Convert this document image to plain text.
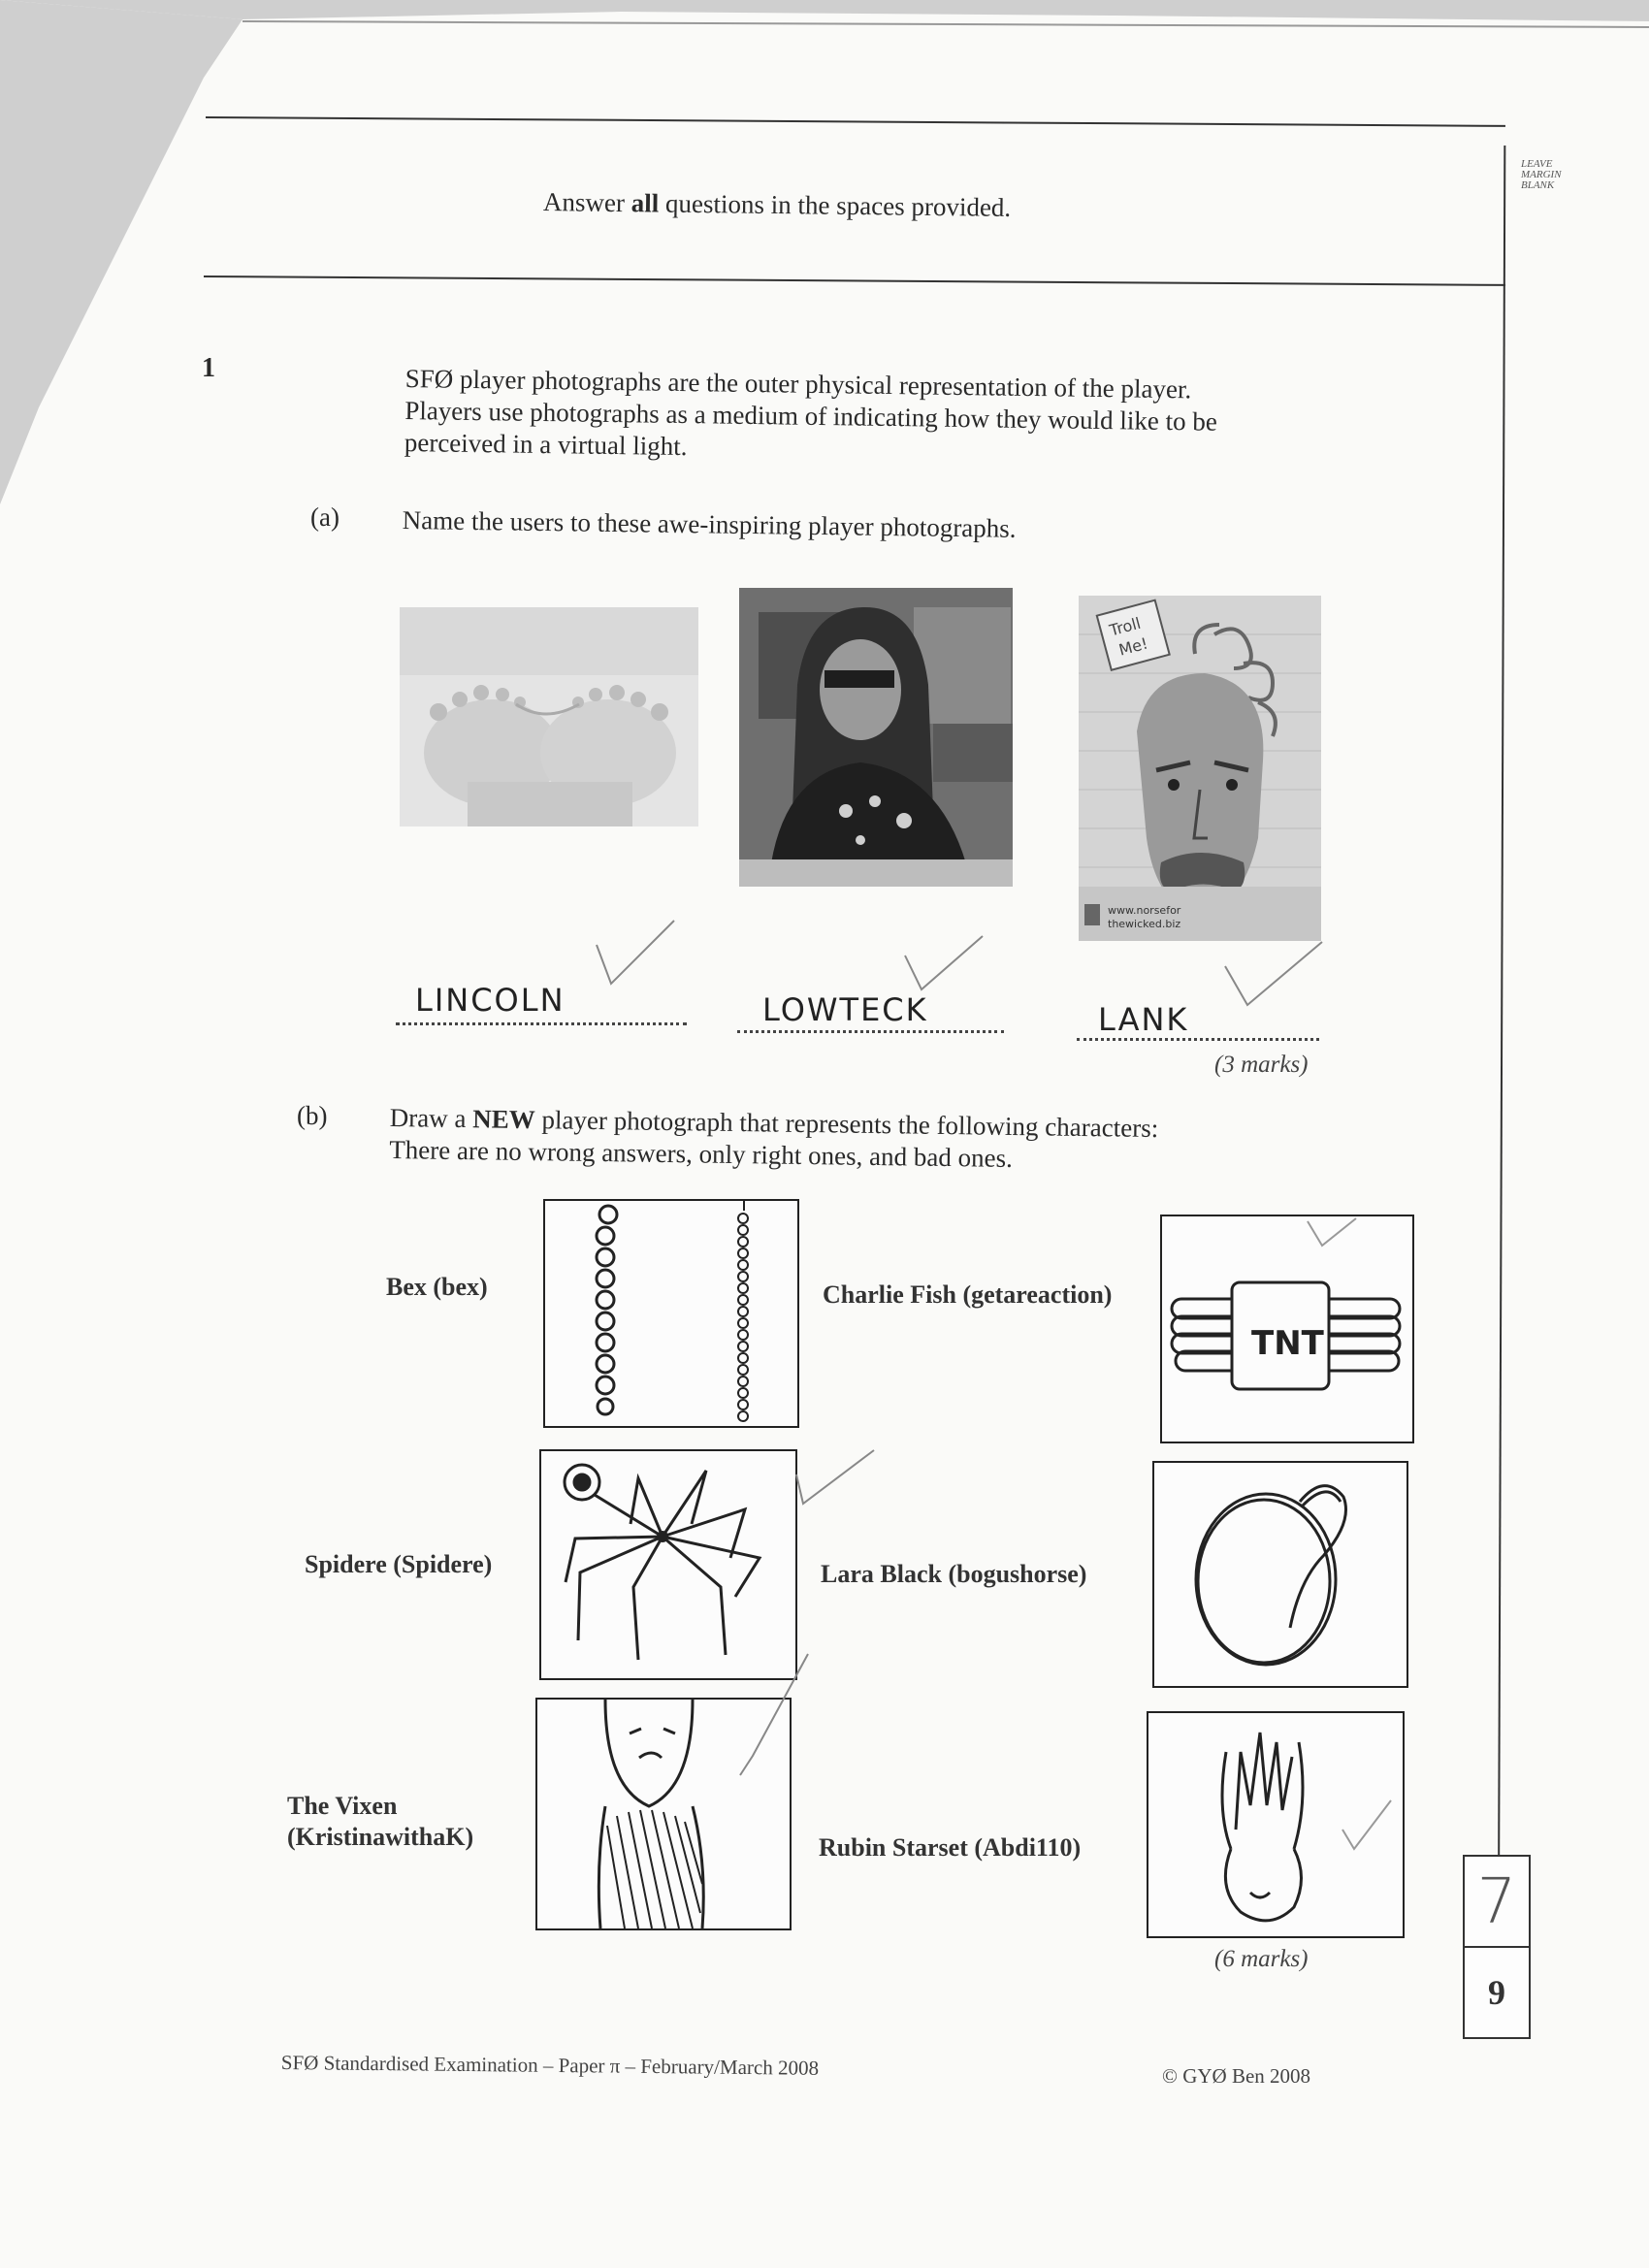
Answer all questions in the spaces provided.
LEAVE
MARGIN
BLANK
1	SFØ player photographs are the outer physical representation of the player.
Players use photographs as a medium of indicating how they would like to be
perceived in a virtual light.
(a) Name the users to these awe-inspiring player photographs.
Troll
Me!
www.norsefor
thewicked.biz
LINCOLN	LOWTECK	LANK
(3 marks)
(b) Draw a NEW player photograph that represents the following characters:
There are no wrong answers, only right ones, and bad ones.
Bex (bex)	Charlie Fish (getareaction)
Spidere (Spidere)	Lara Black (bogushorse)
The Vixen
(KristinawithaK)	Rubin Starset (Abdi110)
TNT
(6 marks)
7
9
SFØ Standardised Examination – Paper π – February/March 2008	© GYØ Ben 2008
